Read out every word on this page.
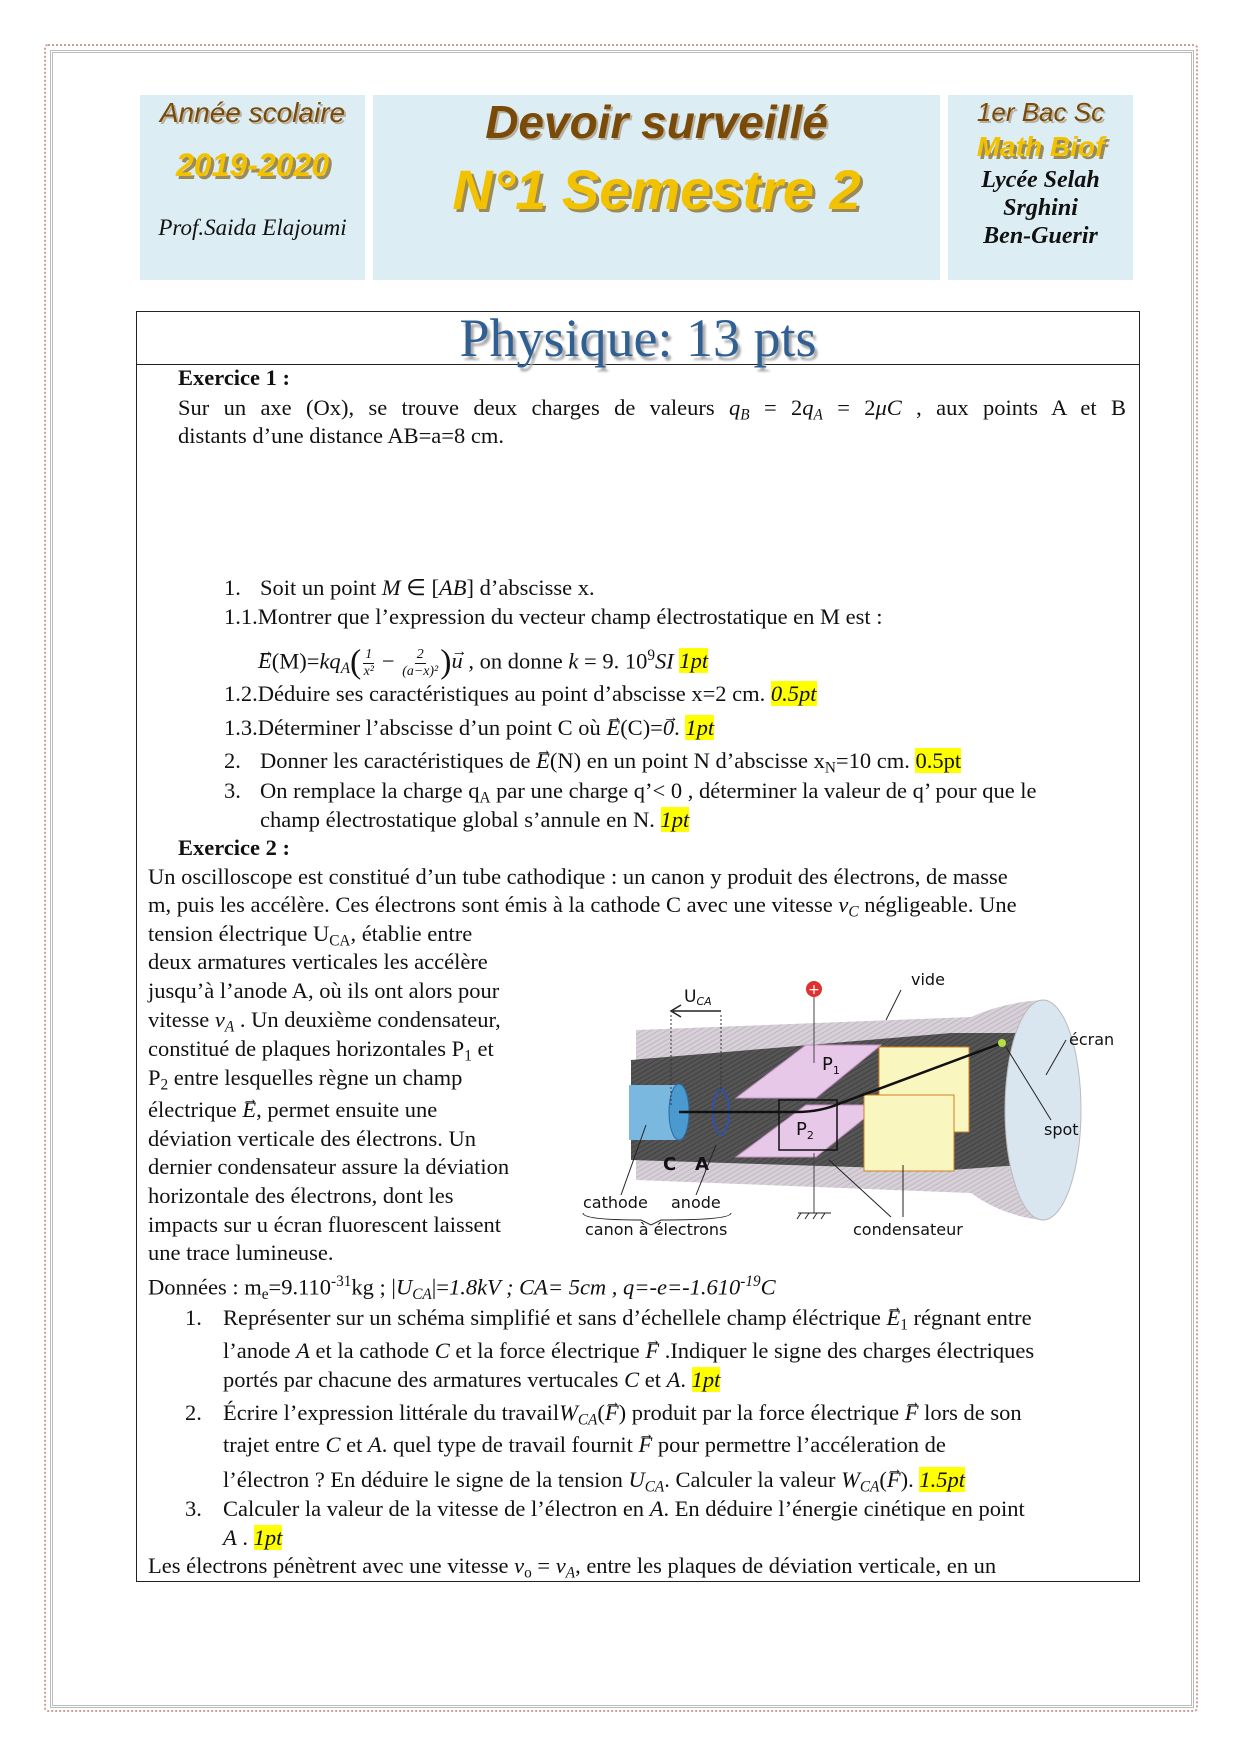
Année scolaire
2019-2020
Prof.Saida Elajoumi
Devoir surveillé
N°1 Semestre 2
1er Bac Sc
Math Biof
Lycée Selah
Srghini
Ben-Guerir
Physique: 13 pts
Exercice 1 :
Sur un axe (Ox), se trouve deux charges de valeurs $q_B = 2q_A = 2\mu C$ , aux points A et B
distants d’une distance AB=a=8 cm.
1. Soit un point M ∈ [AB] d’abscisse x.
1.1.Montrer que l’expression du vecteur champ électrostatique en M est :
→ $E(M)=kq_A( \frac{1}{\text{x²}} - \frac{2}{\text{(a−x)²}}$ )→ u , on donne k = 9. $10^9SI$ 1pt
1.2.Déduire ses caractéristiques au point d’abscisse x=2 cm. 0.5pt
1.3.Déterminer l’abscisse d’un point C où → E(C)=→ 0. 1pt
2. Donner les caractéristiques de → E(N) en un point N d’abscisse $x_N=10$ cm. 0.5pt
3. On remplace la charge $q_A$ par une charge q’< 0 , déterminer la valeur de q’ pour que le
champ électrostatique global s’annule en N. 1pt
Exercice 2 :
Un oscilloscope est constitué d’un tube cathodique : un canon y produit des électrons, de masse
m, puis les accélère. Ces électrons sont émis à la cathode C avec une vitesse $v_C$ négligeable. Une
tension électrique $U_{CA}$, établie entre
deux armatures verticales les accélère
jusqu’à l’anode A, où ils ont alors pour
vitesse $v_A$ . Un deuxième condensateur,
constitué de plaques horizontales $P_1$ et
$P_2$ entre lesquelles règne un champ
électrique → E, permet ensuite une
déviation verticale des électrons. Un
dernier condensateur assure la déviation
horizontale des électrons, dont les
impacts sur u écran fluorescent laissent
une trace lumineuse.
Données : $m_e=9.110^{-31}kg$ ; $|U_{CA}|=1.8kV$ ; CA= 5cm , $q=-e=-1.610^{-19}C$
1. Représenter sur un schéma simplifié et sans d’échellele champ éléctrique → $E_1$ régnant entre
l’anode A et la cathode C et la force électrique → F .Indiquer le signe des charges électriques
portés par chacune des armatures vertucales C et A. 1pt
2. Écrire l’expression littérale du travailW$_{CA}$(→ F) produit par la force électrique → F lors de son
trajet entre C et A. quel type de travail fournit → F pour permettre l’accéleration de
l’électron ? En déduire le signe de la tension $U_{CA}$. Calculer la valeur $W_{CA}(\to F)$. 1.5pt
3. Calculer la valeur de la vitesse de l’électron en A. En déduire l’énergie cinétique en point
A . 1pt
Les électrons pénètrent avec une vitesse $v_o = v_A$, entre les plaques de déviation verticale, en un
+
UCA
vide
écran
spot
$P_1$
$P_2$
C A
cathode anode
canon à électrons	condensateur
